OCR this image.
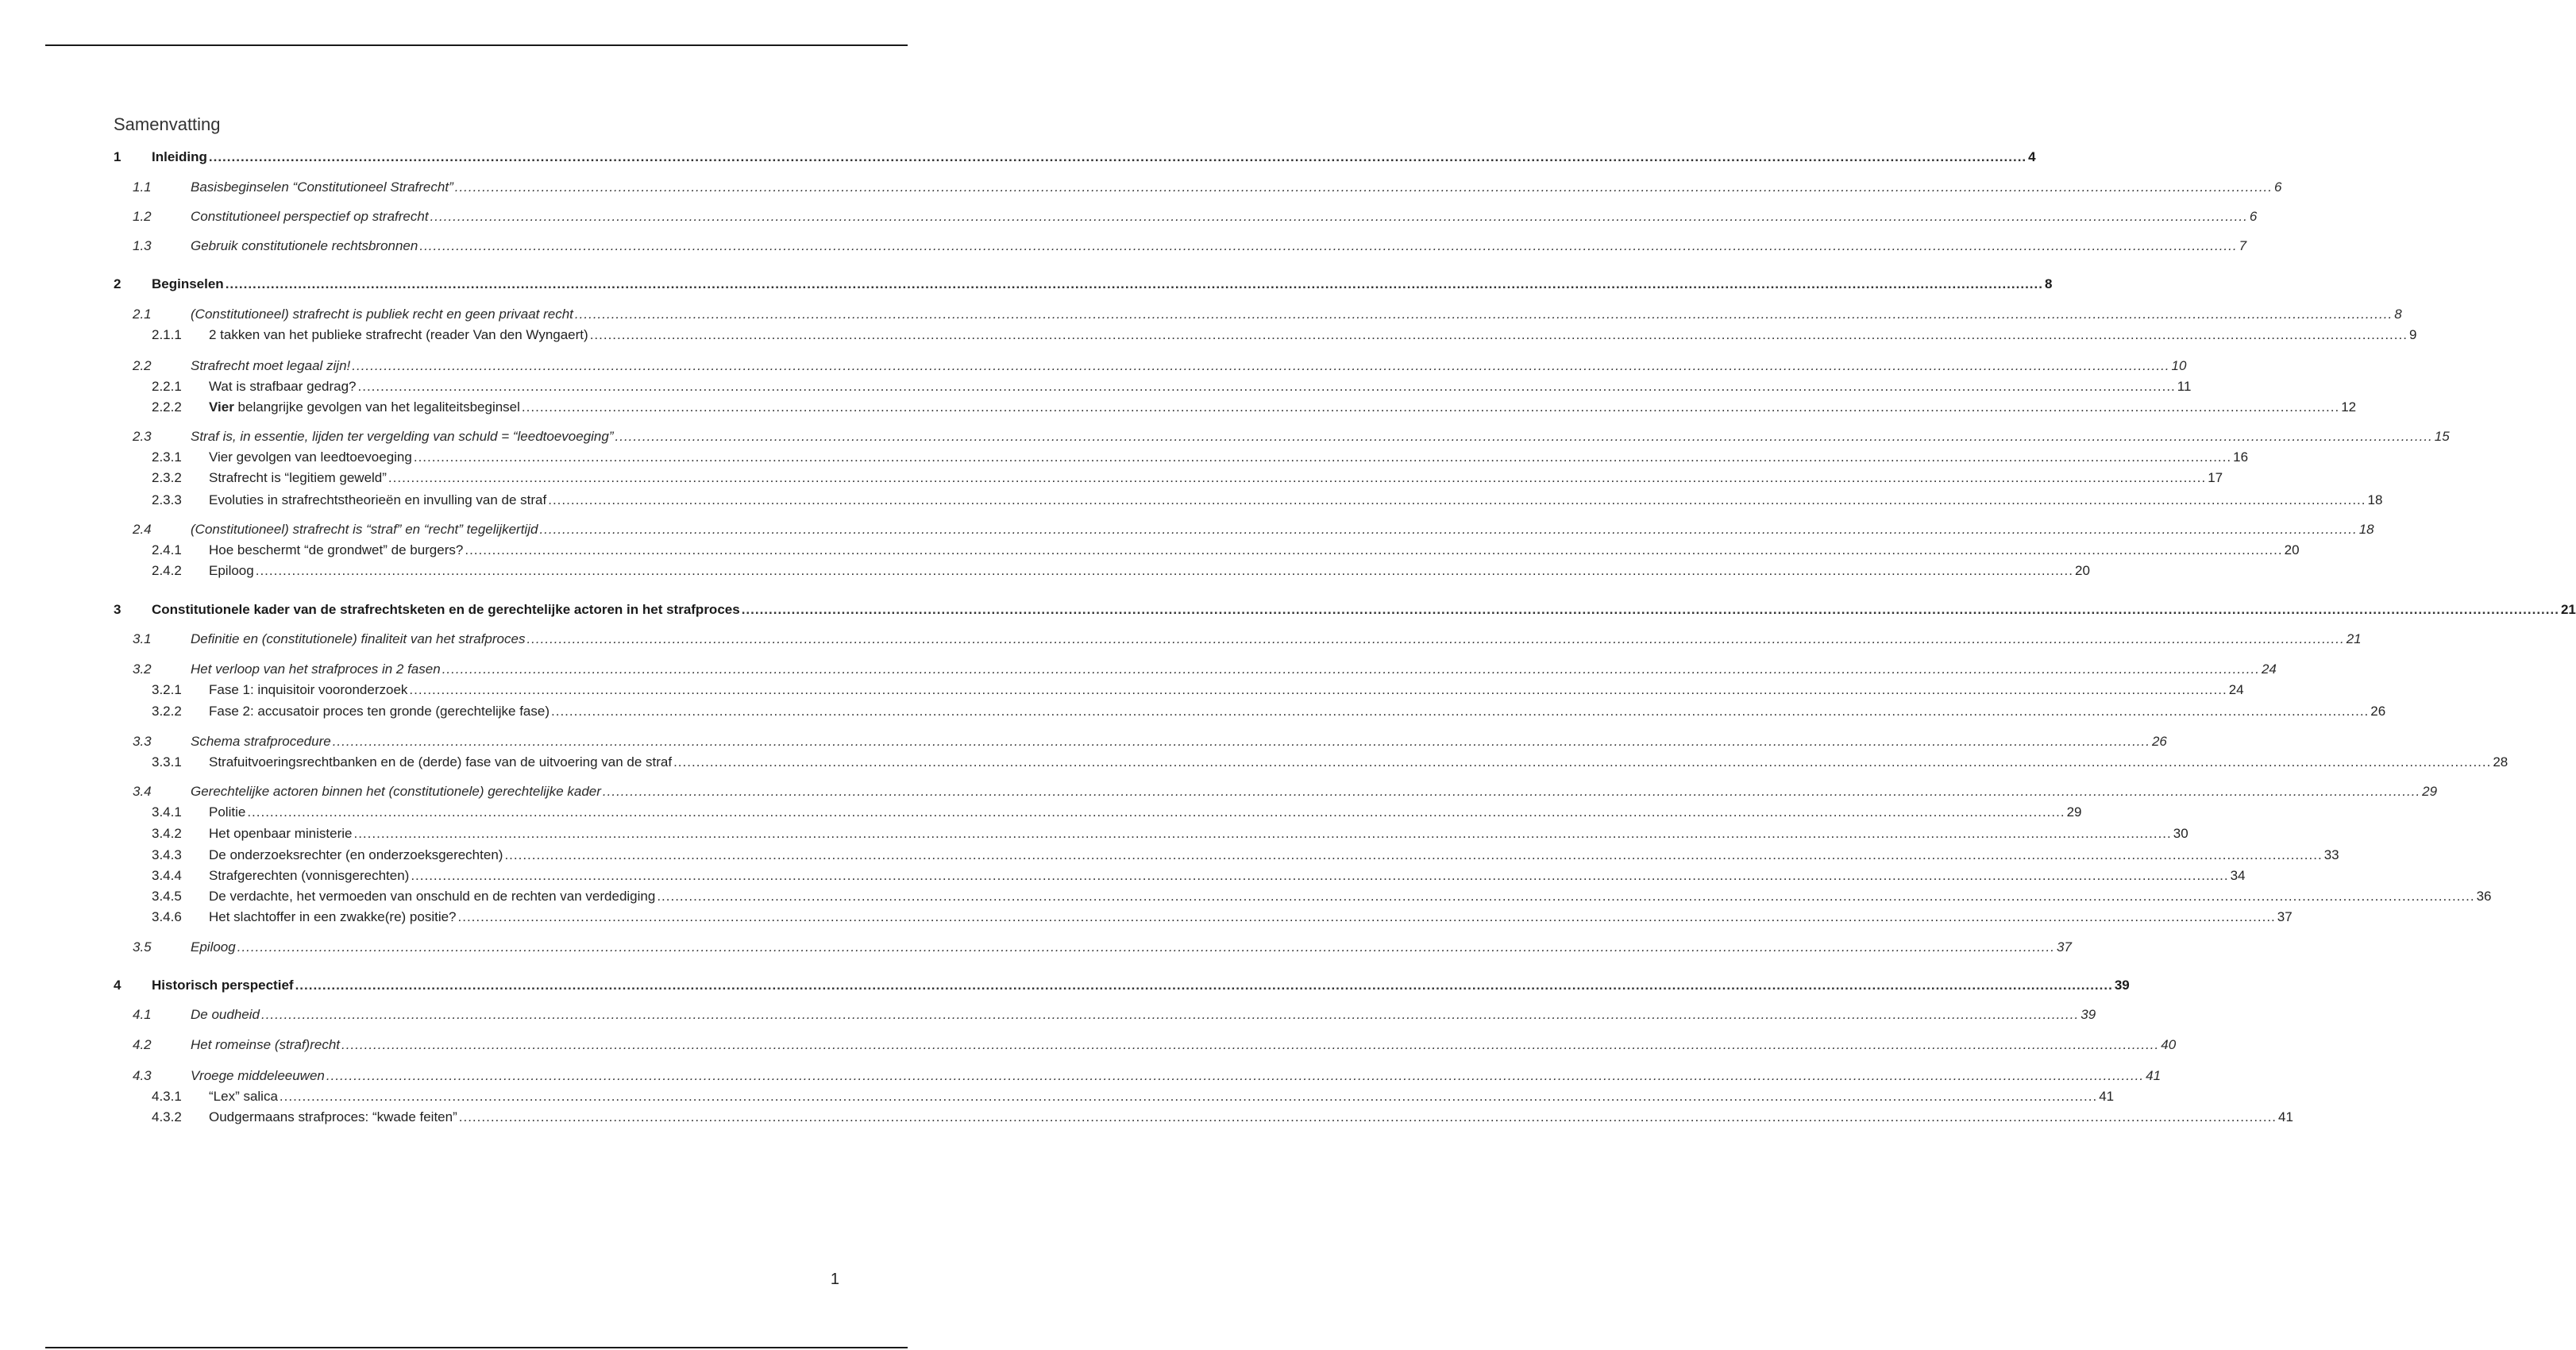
Samenvatting
1	Inleiding ................................................................................................................................................................................................................................................................................................................................................................................................................ 4
1.1	Basisbeginselen “Constitutioneel Strafrecht” ................................................................................................................................................................................................................................................................................................................................................................................................................ 6
1.2	Constitutioneel perspectief op strafrecht ................................................................................................................................................................................................................................................................................................................................................................................................................ 6
1.3	Gebruik constitutionele rechtsbronnen ................................................................................................................................................................................................................................................................................................................................................................................................................ 7
2	Beginselen ................................................................................................................................................................................................................................................................................................................................................................................................................ 8
2.1	(Constitutioneel) strafrecht is publiek recht en geen privaat recht ................................................................................................................................................................................................................................................................................................................................................................................................................ 8
2.1.1	2 takken van het publieke strafrecht (reader Van den Wyngaert) ................................................................................................................................................................................................................................................................................................................................................................................................................ 9
2.2	Strafrecht moet legaal zijn! ................................................................................................................................................................................................................................................................................................................................................................................................................ 10
2.2.1	Wat is strafbaar gedrag? ................................................................................................................................................................................................................................................................................................................................................................................................................ 11
2.2.2	Vier belangrijke gevolgen van het legaliteitsbeginsel ................................................................................................................................................................................................................................................................................................................................................................................................................ 12
2.3	Straf is, in essentie, lijden ter vergelding van schuld = “leedtoevoeging” ................................................................................................................................................................................................................................................................................................................................................................................................................ 15
2.3.1	Vier gevolgen van leedtoevoeging ................................................................................................................................................................................................................................................................................................................................................................................................................ 16
2.3.2	Strafrecht is “legitiem geweld” ................................................................................................................................................................................................................................................................................................................................................................................................................ 17
2.3.3	Evoluties in strafrechtstheorieën en invulling van de straf ................................................................................................................................................................................................................................................................................................................................................................................................................ 18
2.4	(Constitutioneel) strafrecht is “straf” en “recht” tegelijkertijd ................................................................................................................................................................................................................................................................................................................................................................................................................ 18
2.4.1	Hoe beschermt “de grondwet” de burgers? ................................................................................................................................................................................................................................................................................................................................................................................................................ 20
2.4.2	Epiloog ................................................................................................................................................................................................................................................................................................................................................................................................................ 20
3	Constitutionele kader van de strafrechtsketen en de gerechtelijke actoren in het strafproces ................................................................................................................................................................................................................................................................................................................................................................................................................ 21
3.1	Definitie en (constitutionele) finaliteit van het strafproces ................................................................................................................................................................................................................................................................................................................................................................................................................ 21
3.2	Het verloop van het strafproces in 2 fasen ................................................................................................................................................................................................................................................................................................................................................................................................................ 24
3.2.1	Fase 1: inquisitoir vooronderzoek ................................................................................................................................................................................................................................................................................................................................................................................................................ 24
3.2.2	Fase 2: accusatoir proces ten gronde (gerechtelijke fase) ................................................................................................................................................................................................................................................................................................................................................................................................................ 26
3.3	Schema strafprocedure ................................................................................................................................................................................................................................................................................................................................................................................................................ 26
3.3.1	Strafuitvoeringsrechtbanken en de (derde) fase van de uitvoering van de straf ................................................................................................................................................................................................................................................................................................................................................................................................................ 28
3.4	Gerechtelijke actoren binnen het (constitutionele) gerechtelijke kader ................................................................................................................................................................................................................................................................................................................................................................................................................ 29
3.4.1	Politie ................................................................................................................................................................................................................................................................................................................................................................................................................ 29
3.4.2	Het openbaar ministerie ................................................................................................................................................................................................................................................................................................................................................................................................................ 30
3.4.3	De onderzoeksrechter (en onderzoeksgerechten) ................................................................................................................................................................................................................................................................................................................................................................................................................ 33
3.4.4	Strafgerechten (vonnisgerechten) ................................................................................................................................................................................................................................................................................................................................................................................................................ 34
3.4.5	De verdachte, het vermoeden van onschuld en de rechten van verdediging ................................................................................................................................................................................................................................................................................................................................................................................................................ 36
3.4.6	Het slachtoffer in een zwakke(re) positie? ................................................................................................................................................................................................................................................................................................................................................................................................................ 37
3.5	Epiloog ................................................................................................................................................................................................................................................................................................................................................................................................................ 37
4	Historisch perspectief ................................................................................................................................................................................................................................................................................................................................................................................................................ 39
4.1	De oudheid ................................................................................................................................................................................................................................................................................................................................................................................................................ 39
4.2	Het romeinse (straf)recht ................................................................................................................................................................................................................................................................................................................................................................................................................ 40
4.3	Vroege middeleeuwen ................................................................................................................................................................................................................................................................................................................................................................................................................ 41
4.3.1	“Lex” salica ................................................................................................................................................................................................................................................................................................................................................................................................................ 41
4.3.2	Oudgermaans strafproces: “kwade feiten” ................................................................................................................................................................................................................................................................................................................................................................................................................ 41
1
